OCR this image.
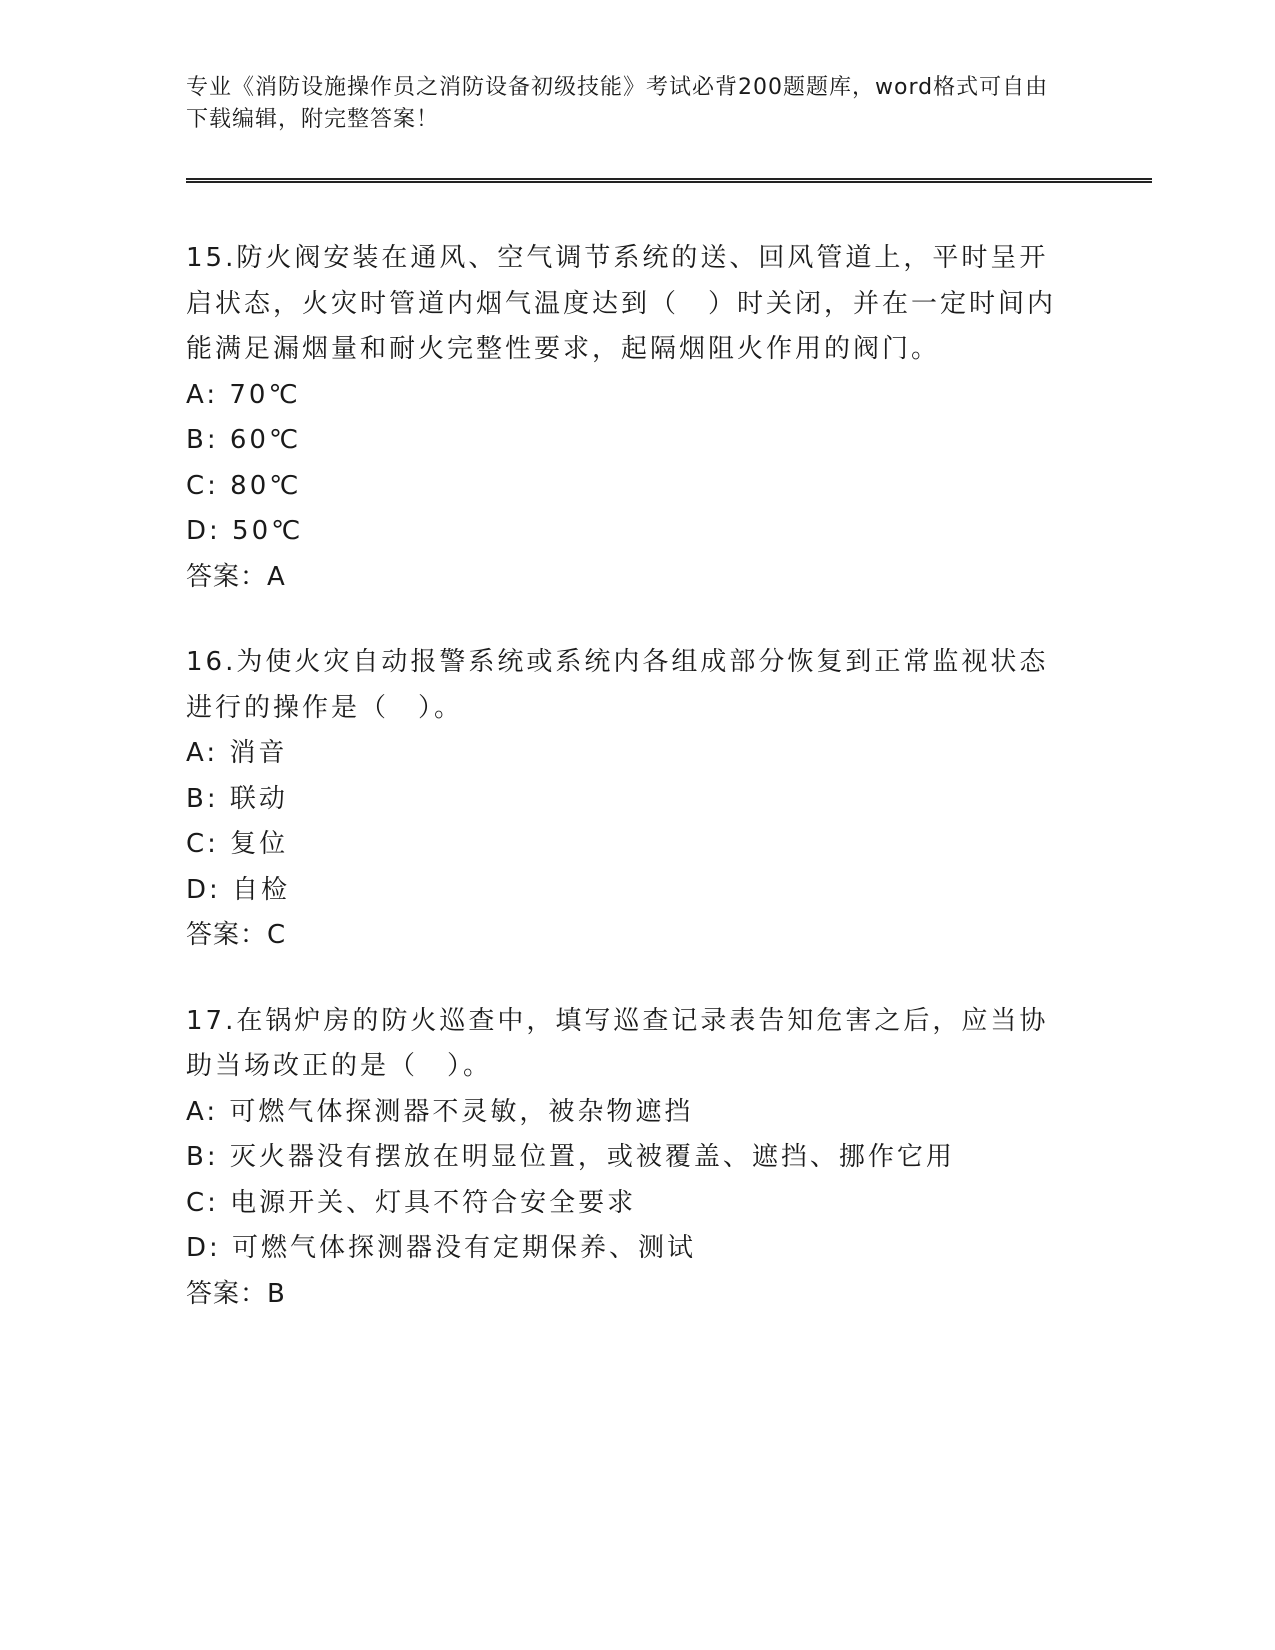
专业《消防设施操作员之消防设备初级技能》考试必背200题题库，word格式可自由下载编辑，附完整答案！

15.防火阀安装在通风、空气调节系统的送、回风管道上，平时呈开启状态，火灾时管道内烟气温度达到（　）时关闭，并在一定时间内能满足漏烟量和耐火完整性要求，起隔烟阻火作用的阀门。

A: 70℃

B: 60℃

C: 80℃

D: 50℃

答案：A

16.为使火灾自动报警系统或系统内各组成部分恢复到正常监视状态进行的操作是（　）。

A: 消音

B: 联动

C: 复位

D: 自检

答案：C

17.在锅炉房的防火巡查中，填写巡查记录表告知危害之后，应当协助当场改正的是（　）。

A: 可燃气体探测器不灵敏，被杂物遮挡

B: 灭火器没有摆放在明显位置，或被覆盖、遮挡、挪作它用

C: 电源开关、灯具不符合安全要求

D: 可燃气体探测器没有定期保养、测试

答案：B
